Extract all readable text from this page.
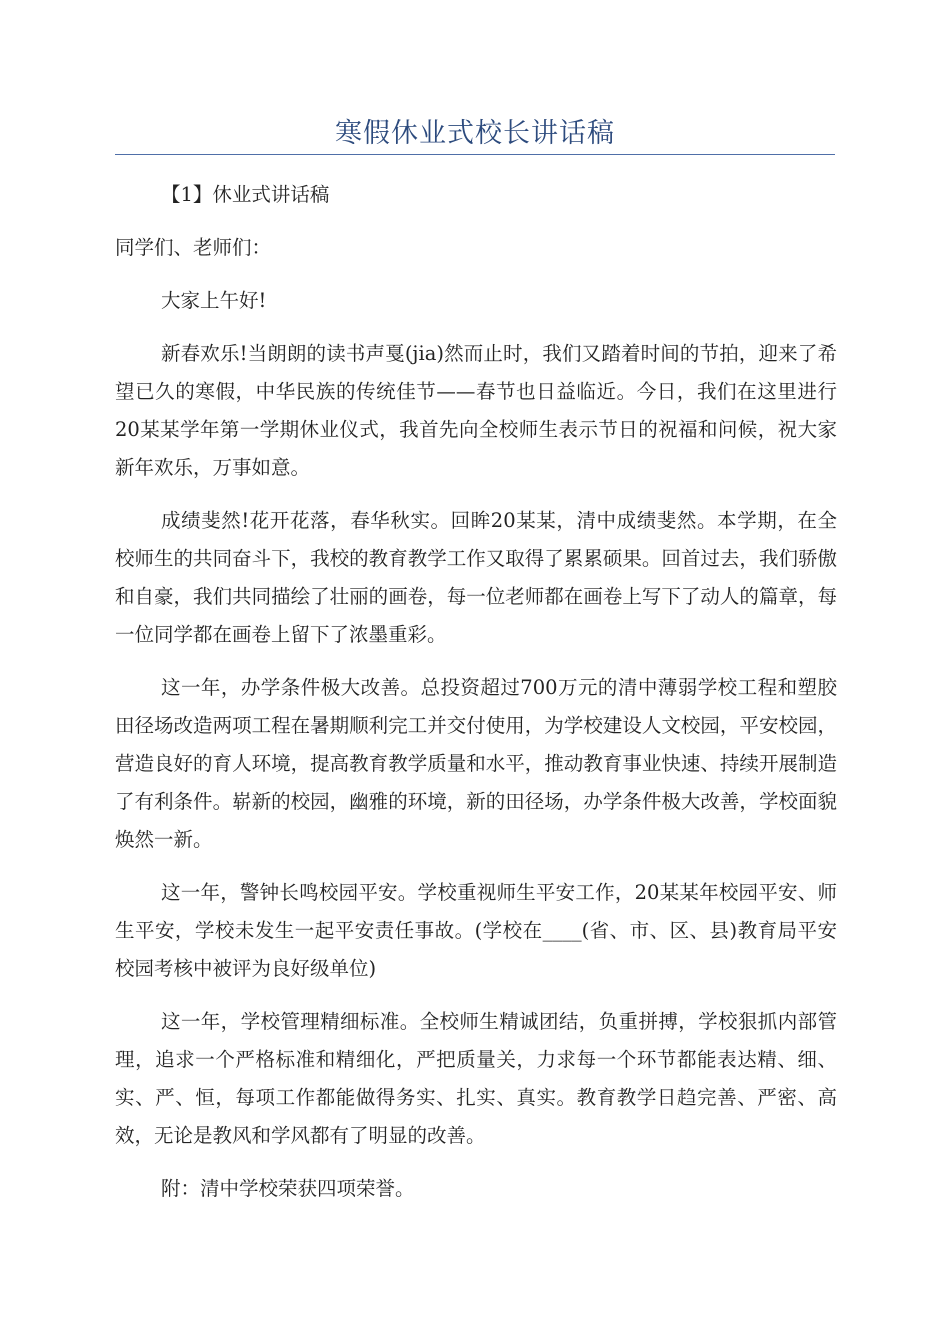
寒假休业式校长讲话稿

【1】休业式讲话稿

同学们、老师们：

大家上午好!

新春欢乐!当朗朗的读书声戛(jia)然而止时，我们又踏着时间的节拍，迎来了希望已久的寒假，中华民族的传统佳节——春节也日益临近。今日，我们在这里进行20某某学年第一学期休业仪式，我首先向全校师生表示节日的祝福和问候，祝大家新年欢乐，万事如意。

成绩斐然!花开花落，春华秋实。回眸20某某，清中成绩斐然。本学期，在全校师生的共同奋斗下，我校的教育教学工作又取得了累累硕果。回首过去，我们骄傲和自豪，我们共同描绘了壮丽的画卷，每一位老师都在画卷上写下了动人的篇章，每一位同学都在画卷上留下了浓墨重彩。

这一年，办学条件极大改善。总投资超过700万元的清中薄弱学校工程和塑胶田径场改造两项工程在暑期顺利完工并交付使用，为学校建设人文校园，平安校园，营造良好的育人环境，提高教育教学质量和水平，推动教育事业快速、持续开展制造了有利条件。崭新的校园，幽雅的环境，新的田径场，办学条件极大改善，学校面貌焕然一新。

这一年，警钟长鸣校园平安。学校重视师生平安工作，20某某年校园平安、师生平安，学校未发生一起平安责任事故。(学校在____(省、市、区、县)教育局平安校园考核中被评为良好级单位)

这一年，学校管理精细标准。全校师生精诚团结，负重拼搏，学校狠抓内部管理，追求一个严格标准和精细化，严把质量关，力求每一个环节都能表达精、细、实、严、恒，每项工作都能做得务实、扎实、真实。教育教学日趋完善、严密、高效，无论是教风和学风都有了明显的改善。

附：清中学校荣获四项荣誉。
